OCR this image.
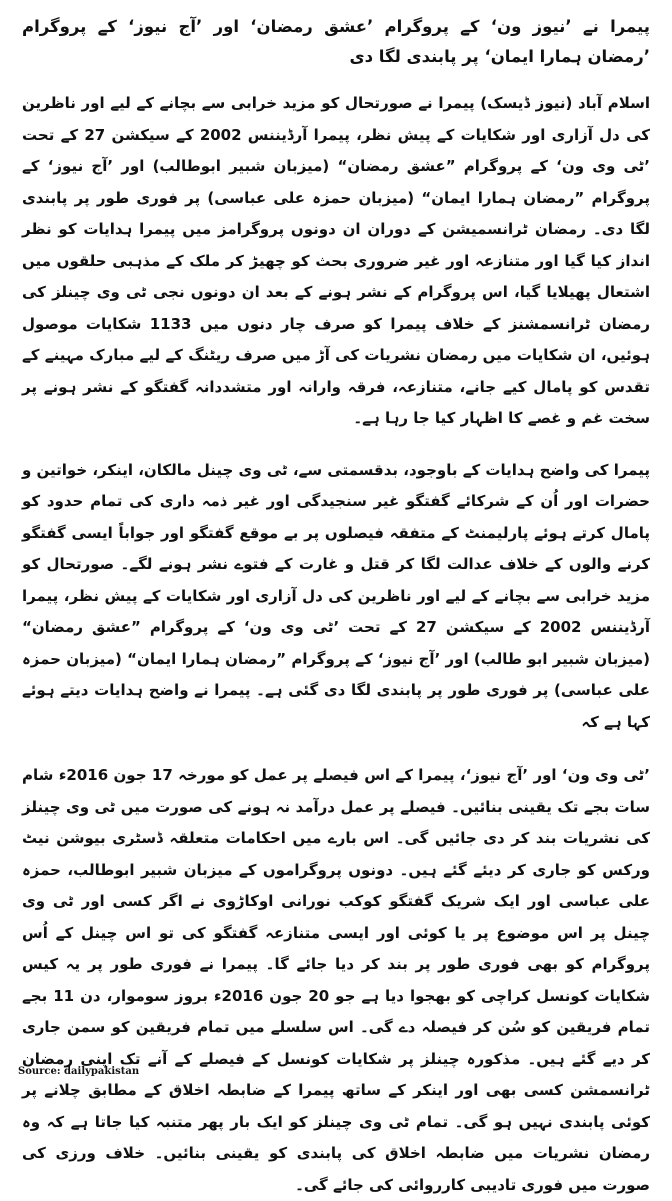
پیمرا نے ’نیوز ون‘ کے پروگرام ’عشق رمضان‘ اور ’آج نیوز‘ کے پروگرام ’رمضان ہمارا ایمان‘ پر پابندی لگا دی
اسلام آباد (نیوز ڈیسک) پیمرا نے صورتحال کو مزید خرابی سے بچانے کے لیے اور ناظرین کی دل آزاری اور شکایات کے پیش نظر، پیمرا آرڈیننس 2002 کے سیکشن 27 کے تحت ’ٹی وی ون‘ کے پروگرام ”عشق رمضان“ (میزبان شبیر ابوطالب) اور ’آج نیوز‘ کے پروگرام ”رمضان ہمارا ایمان“ (میزبان حمزہ علی عباسی) پر فوری طور پر پابندی لگا دی۔ رمضان ٹرانسمیشن کے دوران ان دونوں پروگرامز میں پیمرا ہدایات کو نظر انداز کیا گیا اور متنازعہ اور غیر ضروری بحث کو چھیڑ کر ملک کے مذہبی حلقوں میں اشتعال پھیلایا گیا، اس پروگرام کے نشر ہونے کے بعد ان دونوں نجی ٹی وی چینلز کی رمضان ٹرانسمشنز کے خلاف پیمرا کو صرف چار دنوں میں 1133 شکایات موصول ہوئیں، ان شکایات میں رمضان نشریات کی آڑ میں صرف ریٹنگ کے لیے مبارک مہینے کے تقدس کو پامال کیے جانے، متنازعہ، فرقہ وارانہ اور متشددانہ گفتگو کے نشر ہونے پر سخت غم و غصے کا اظہار کیا جا رہا ہے۔
پیمرا کی واضح ہدایات کے باوجود، بدقسمتی سے، ٹی وی چینل مالکان، اینکر، خواتین و حضرات اور اُن کے شرکائے گفتگو غیر سنجیدگی اور غیر ذمہ داری کی تمام حدود کو پامال کرتے ہوئے پارلیمنٹ کے متفقہ فیصلوں پر بے موقع گفتگو اور جواباً ایسی گفتگو کرنے والوں کے خلاف عدالت لگا کر قتل و غارت کے فتوے نشر ہونے لگے۔ صورتحال کو مزید خرابی سے بچانے کے لیے اور ناظرین کی دل آزاری اور شکایات کے پیش نظر، پیمرا آرڈیننس 2002 کے سیکشن 27 کے تحت ’ٹی وی ون‘ کے پروگرام ”عشق رمضان“ (میزبان شبیر ابو طالب) اور ’آج نیوز‘ کے پروگرام ”رمضان ہمارا ایمان“ (میزبان حمزہ علی عباسی) پر فوری طور پر پابندی لگا دی گئی ہے۔ پیمرا نے واضح ہدایات دیتے ہوئے کہا ہے کہ
’ٹی وی ون‘ اور ’آج نیوز‘، پیمرا کے اس فیصلے پر عمل کو مورخہ 17 جون 2016ء شام سات بجے تک یقینی بنائیں۔ فیصلے پر عمل درآمد نہ ہونے کی صورت میں ٹی وی چینلز کی نشریات بند کر دی جائیں گی۔ اس بارے میں احکامات متعلقہ ڈسٹری بیوشن نیٹ ورکس کو جاری کر دیئے گئے ہیں۔ دونوں پروگراموں کے میزبان شبیر ابوطالب، حمزہ علی عباسی اور ایک شریک گفتگو کوکب نورانی اوکاڑوی نے اگر کسی اور ٹی وی چینل پر اس موضوع پر یا کوئی اور ایسی متنازعہ گفتگو کی تو اس چینل کے اُس پروگرام کو بھی فوری طور پر بند کر دیا جائے گا۔ پیمرا نے فوری طور پر یہ کیس شکایات کونسل کراچی کو بھجوا دیا ہے جو 20 جون 2016ء بروز سوموار، دن 11 بجے تمام فریقین کو سُن کر فیصلہ دے گی۔ اس سلسلے میں تمام فریقین کو سمن جاری کر دیے گئے ہیں۔ مذکورہ چینلز پر شکایات کونسل کے فیصلے کے آنے تک اپنی رمضان ٹرانسمشن کسی بھی اور اینکر کے ساتھ پیمرا کے ضابطہ اخلاق کے مطابق چلانے پر کوئی پابندی نہیں ہو گی۔ تمام ٹی وی چینلز کو ایک بار پھر متنبہ کیا جاتا ہے کہ وہ رمضان نشریات میں ضابطہ اخلاق کی پابندی کو یقینی بنائیں۔ خلاف ورزی کی صورت میں فوری تادیبی کارروائی کی جائے گی۔
Source: dailypakistan
